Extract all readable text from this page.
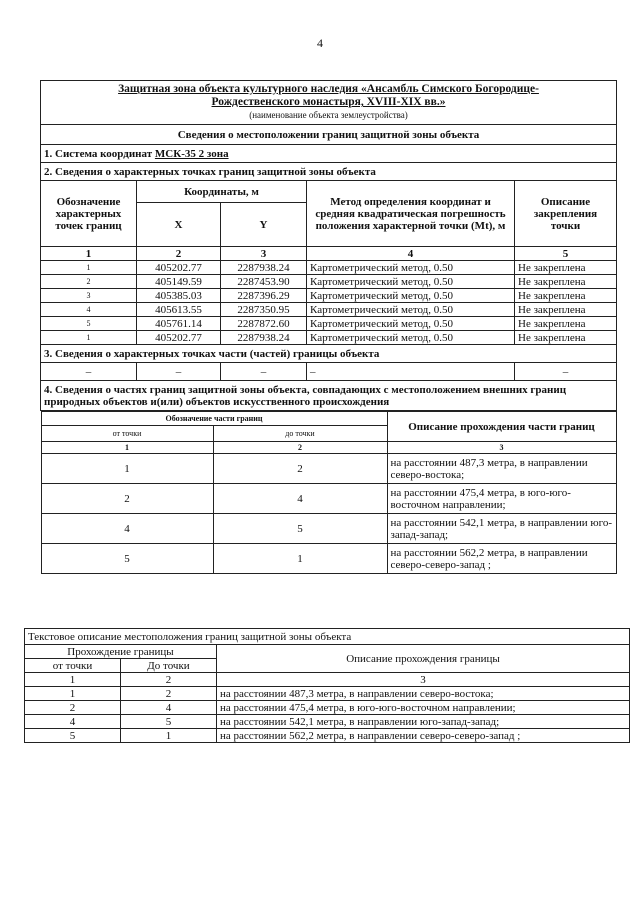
4
Защитная зона объекта культурного наследия «Ансамбль Симского Богородице-
Рождественского монастыря, XVIII-XIX вв.»
(наименование объекта землеустройства)

Сведения о местоположении границ защитной зоны объекта
1. Система координат МСК-35 2 зона
2. Сведения о характерных точках границ защитной зоны объекта
Обозначение характерных точек границ	Координаты, м	Метод определения координат и средняя квадратическая погрешность положения характерной точки (Mt), м	Описание закрепления точки
X	Y
1	2	3	4	5
1	405202.77	2287938.24	Картометрический метод, 0.50	Не закреплена
2	405149.59	2287453.90	Картометрический метод, 0.50	Не закреплена
3	405385.03	2287396.29	Картометрический метод, 0.50	Не закреплена
4	405613.55	2287350.95	Картометрический метод, 0.50	Не закреплена
5	405761.14	2287872.60	Картометрический метод, 0.50	Не закреплена
1	405202.77	2287938.24	Картометрический метод, 0.50	Не закреплена
3. Сведения о характерных точках части (частей) границы объекта
–	–	–	–	–
4. Сведения о частях границ защитной зоны объекта, совпадающих с местоположением внешних границ природных объектов и(или) объектов искусственного происхождения

Обозначение части границ	Описание прохождения части границ
от точки	до точки
1	2	3
1	2	на расстоянии 487,3 метра, в направлении северо-востока;
2	4	на расстоянии 475,4 метра, в юго-юго-восточном направлении;
4	5	на расстоянии 542,1 метра, в направлении юго-запад-запад;
5	1	на расстоянии 562,2 метра, в направлении северо-северо-запад ;
Текстовое описание местоположения границ защитной зоны объекта		
Прохождение границы		Описание прохождения границы
от точки	До точки	
1	2	3
1	2	на расстоянии 487,3 метра, в направлении северо-востока;
2	4	на расстоянии 475,4 метра, в юго-юго-восточном направлении;
4	5	на расстоянии 542,1 метра, в направлении юго-запад-запад;
5	1	на расстоянии 562,2 метра, в направлении северо-северо-запад ;
